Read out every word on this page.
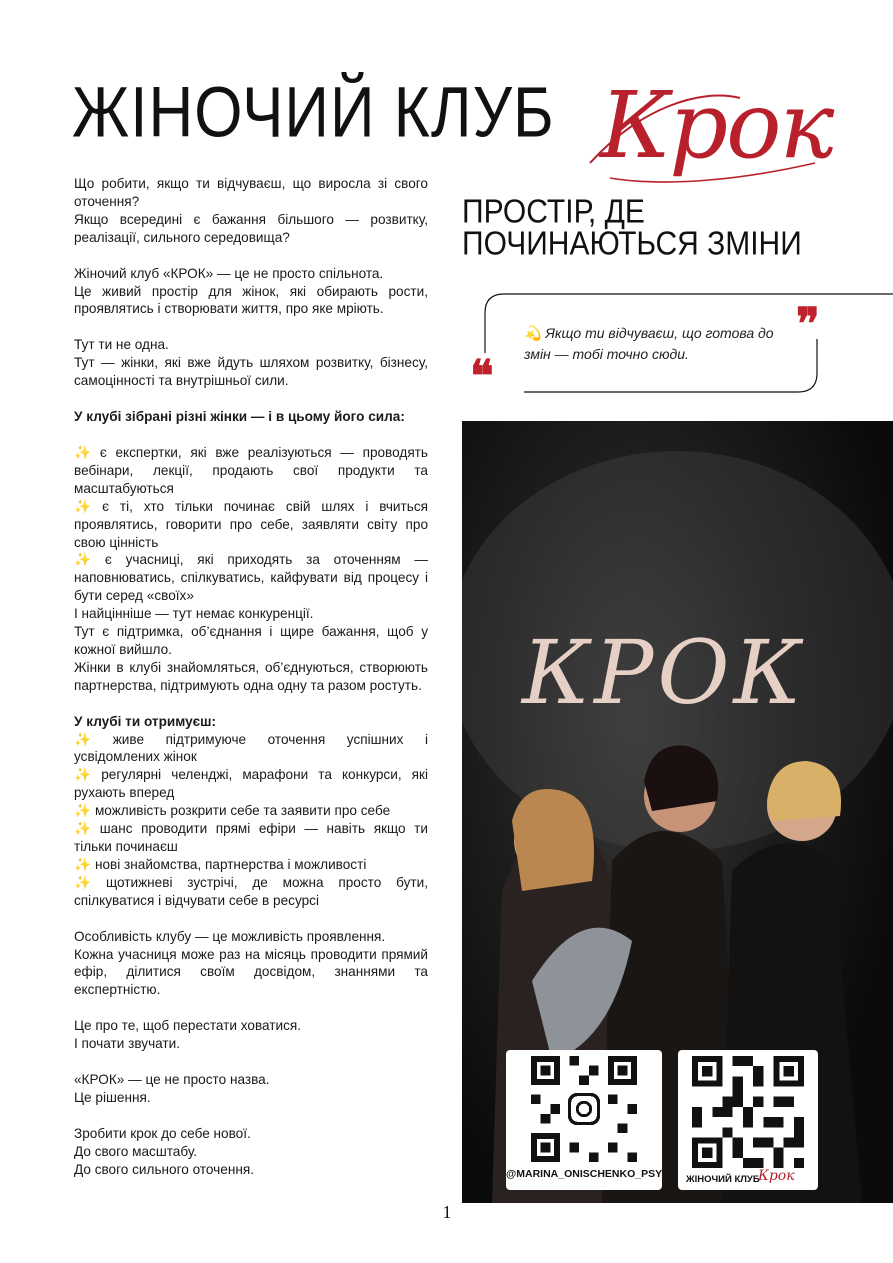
ЖІНОЧИЙ КЛУБ Крок
ПРОСТІР, ДЕ
ПОЧИНАЮТЬСЯ ЗМІНИ

Що робити, якщо ти відчуваєш, що виросла зі свого оточення?

Якщо всередині є бажання більшого — розвитку, реалізації, сильного середовища?

Жіночий клуб «КРОК» — це не просто спільнота.

Це живий простір для жінок, які обирають рости, проявлятись і створювати життя, про яке мріють.

Тут ти не одна.

Тут — жінки, які вже йдуть шляхом розвитку, бізнесу, самоцінності та внутрішньої сили.

У клубі зібрані різні жінки — і в цьому його сила:

✨ є експертки, які вже реалізуються — проводять вебінари, лекції, продають свої продукти та масштабуються

✨ є ті, хто тільки починає свій шлях і вчиться проявлятись, говорити про себе, заявляти світу про свою цінність

✨ є учасниці, які приходять за оточенням — наповнюватись, спілкуватись, кайфувати від процесу і бути серед «своїх»

І найцінніше — тут немає конкуренції.

Тут є підтримка, об’єднання і щире бажання, щоб у кожної вийшло.

Жінки в клубі знайомляться, об’єднуються, створюють партнерства, підтримують одна одну та разом ростуть.

У клубі ти отримуєш:

✨ живе підтримуюче оточення успішних і усвідомлених жінок

✨ регулярні челенджі, марафони та конкурси, які рухають вперед

✨ можливість розкрити себе та заявити про себе

✨ шанс проводити прямі ефіри — навіть якщо ти тільки починаєш

✨ нові знайомства, партнерства і можливості

✨ щотижневі зустрічі, де можна просто бути, спілкуватися і відчувати себе в ресурсі

Особливість клубу — це можливість проявлення.

Кожна учасниця може раз на місяць проводити прямий ефір, ділитися своїм досвідом, знаннями та експертністю.

Це про те, щоб перестати ховатися.

І почати звучати.

«КРОК» — це не просто назва.

Це рішення.

Зробити крок до себе нової.

До свого масштабу.

До свого сильного оточення.

💫 Якщо ти відчуваєш, що готова до змін — тобі точно сюди.
❞
❝
КРОК
@MARINA_ONISCHENKO_PSY	ЖІНОЧИЙ КЛУБ
Крок
1
